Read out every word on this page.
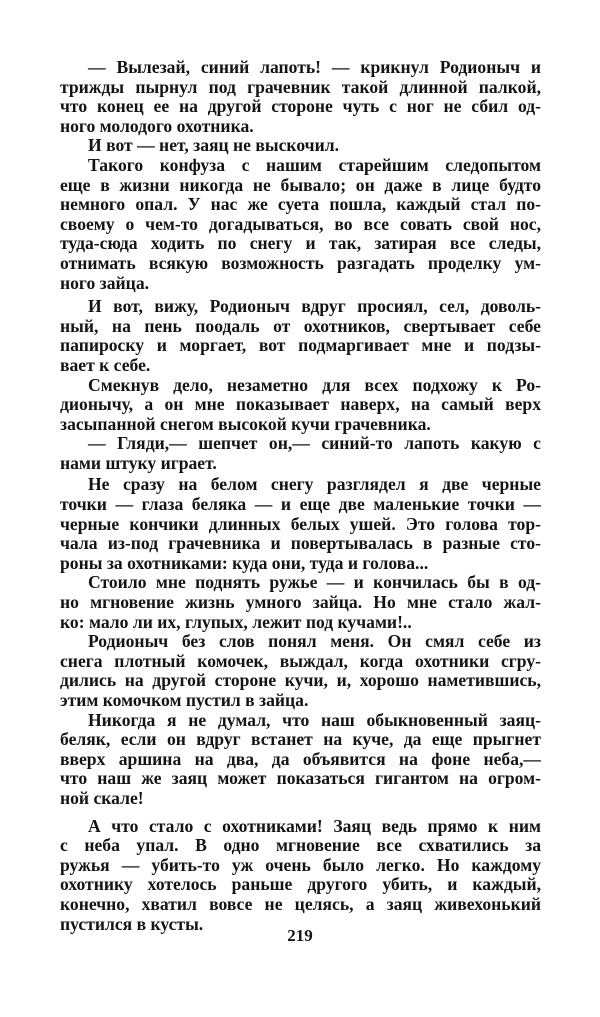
— Вылезай, синий лапоть! — крикнул Родионыч и
трижды пырнул под грачевник такой длинной палкой,
что конец ее на другой стороне чуть с ног не сбил од-
ного молодого охотника.
И вот — нет, заяц не выскочил.
Такого конфуза с нашим старейшим следопытом
еще в жизни никогда не бывало; он даже в лице будто
немного опал. У нас же суета пошла, каждый стал по-
своему о чем-то догадываться, во все совать свой нос,
туда-сюда ходить по снегу и так, затирая все следы,
отнимать всякую возможность разгадать проделку ум-
ного зайца.
И вот, вижу, Родионыч вдруг просиял, сел, доволь-
ный, на пень поодаль от охотников, свертывает себе
папироску и моргает, вот подмаргивает мне и подзы-
вает к себе.
Смекнув дело, незаметно для всех подхожу к Ро-
дионычу, а он мне показывает наверх, на самый верх
засыпанной снегом высокой кучи грачевника.
— Гляди,— шепчет он,— синий-то лапоть какую с
нами штуку играет.
Не сразу на белом снегу разглядел я две черные
точки — глаза беляка — и еще две маленькие точки —
черные кончики длинных белых ушей. Это голова тор-
чала из-под грачевника и повертывалась в разные сто-
роны за охотниками: куда они, туда и голова...
Стоило мне поднять ружье — и кончилась бы в од-
но мгновение жизнь умного зайца. Но мне стало жал-
ко: мало ли их, глупых, лежит под кучами!..
Родионыч без слов понял меня. Он смял себе из
снега плотный комочек, выждал, когда охотники сгру-
дились на другой стороне кучи, и, хорошо наметившись,
этим комочком пустил в зайца.
Никогда я не думал, что наш обыкновенный заяц-
беляк, если он вдруг встанет на куче, да еще прыгнет
вверх аршина на два, да объявится на фоне неба,—
что наш же заяц может показаться гигантом на огром-
ной скале!
А что стало с охотниками! Заяц ведь прямо к ним
с неба упал. В одно мгновение все схватились за
ружья — убить-то уж очень было легко. Но каждому
охотнику хотелось раньше другого убить, и каждый,
конечно, хватил вовсе не целясь, а заяц живехонький
пустился в кусты.
219
